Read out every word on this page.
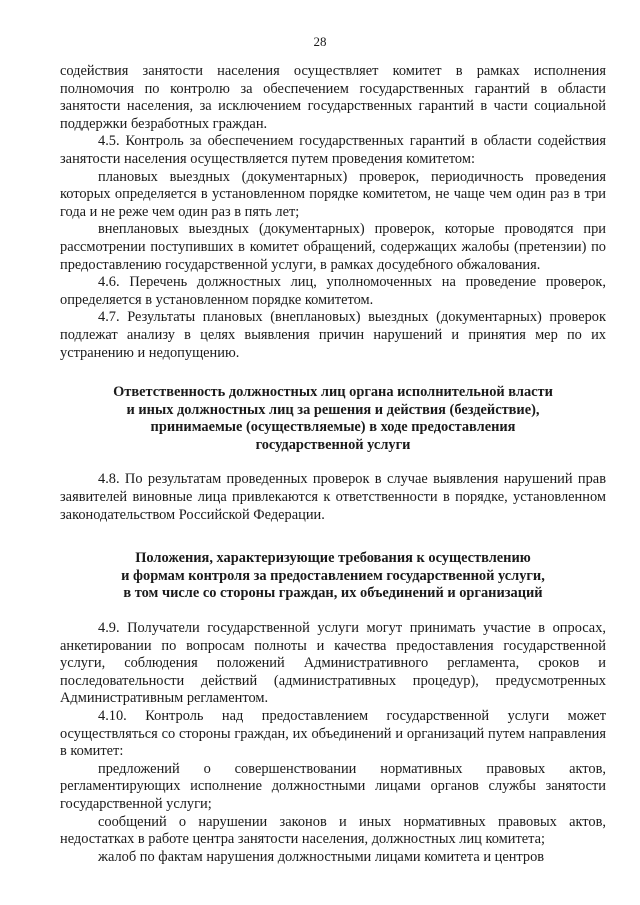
28

содействия занятости населения осуществляет комитет в рамках исполнения полномочия по контролю за обеспечением государственных гарантий в области занятости населения, за исключением государственных гарантий в части социальной поддержки безработных граждан.

4.5. Контроль за обеспечением государственных гарантий в области содействия занятости населения осуществляется путем проведения комитетом:

плановых выездных (документарных) проверок, периодичность проведения которых определяется в установленном порядке комитетом, не чаще чем один раз в три года и не реже чем один раз в пять лет;

внеплановых выездных (документарных) проверок, которые проводятся при рассмотрении поступивших в комитет обращений, содержащих жалобы (претензии) по предоставлению государственной услуги, в рамках досудебного обжалования.

4.6. Перечень должностных лиц, уполномоченных на проведение проверок, определяется в установленном порядке комитетом.

4.7. Результаты плановых (внеплановых) выездных (документарных) проверок подлежат анализу в целях выявления причин нарушений и принятия мер по их устранению и недопущению.

Ответственность должностных лиц органа исполнительной власти

и иных должностных лиц за решения и действия (бездействие),

принимаемые (осуществляемые) в ходе предоставления

государственной услуги

4.8. По результатам проведенных проверок в случае выявления нарушений прав заявителей виновные лица привлекаются к ответственности в порядке, установленном законодательством Российской Федерации.

Положения, характеризующие требования к осуществлению

и формам контроля за предоставлением государственной услуги,

в том числе со стороны граждан, их объединений и организаций

4.9. Получатели государственной услуги могут принимать участие в опросах, анкетировании по вопросам полноты и качества предоставления государственной услуги, соблюдения положений Административного регламента, сроков и последовательности действий (административных процедур), предусмотренных Административным регламентом.

4.10. Контроль над предоставлением государственной услуги может осуществляться со стороны граждан, их объединений и организаций путем направления в комитет:

предложений о совершенствовании нормативных правовых актов, регламентирующих исполнение должностными лицами органов службы занятости государственной услуги;

сообщений о нарушении законов и иных нормативных правовых актов, недостатках в работе центра занятости населения, должностных лиц комитета;

жалоб по фактам нарушения должностными лицами комитета и центров
